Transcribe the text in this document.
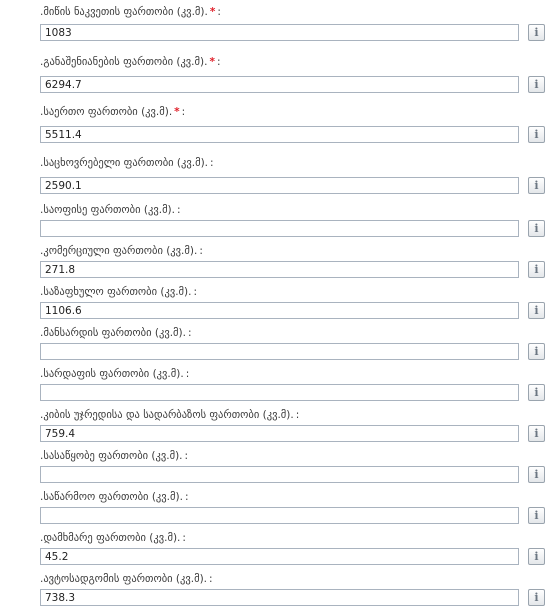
.მიწის ნაკვეთის ფართობი (კვ.მ). * :
1083
i
.განაშენიანების ფართობი (კვ.მ). * :
6294.7
i
.საერთო ფართობი (კვ.მ). * :
5511.4
i
.საცხოვრებელი ფართობი (კვ.მ). :
2590.1
i
.საოფისე ფართობი (კვ.მ). :
i
.კომერციული ფართობი (კვ.მ). :
271.8
i
.საზაფხულო ფართობი (კვ.მ). :
1106.6
i
.მანსარდის ფართობი (კვ.მ). :
i
.სარდაფის ფართობი (კვ.მ). :
i
.კიბის უჯრედისა და სადარბაზოს ფართობი (კვ.მ). :
759.4
i
.სასაწყობე ფართობი (კვ.მ). :
i
.საწარმოო ფართობი (კვ.მ). :
i
.დამხმარე ფართობი (კვ.მ). :
45.2
i
.ავტოსადგომის ფართობი (კვ.მ). :
738.3
i
